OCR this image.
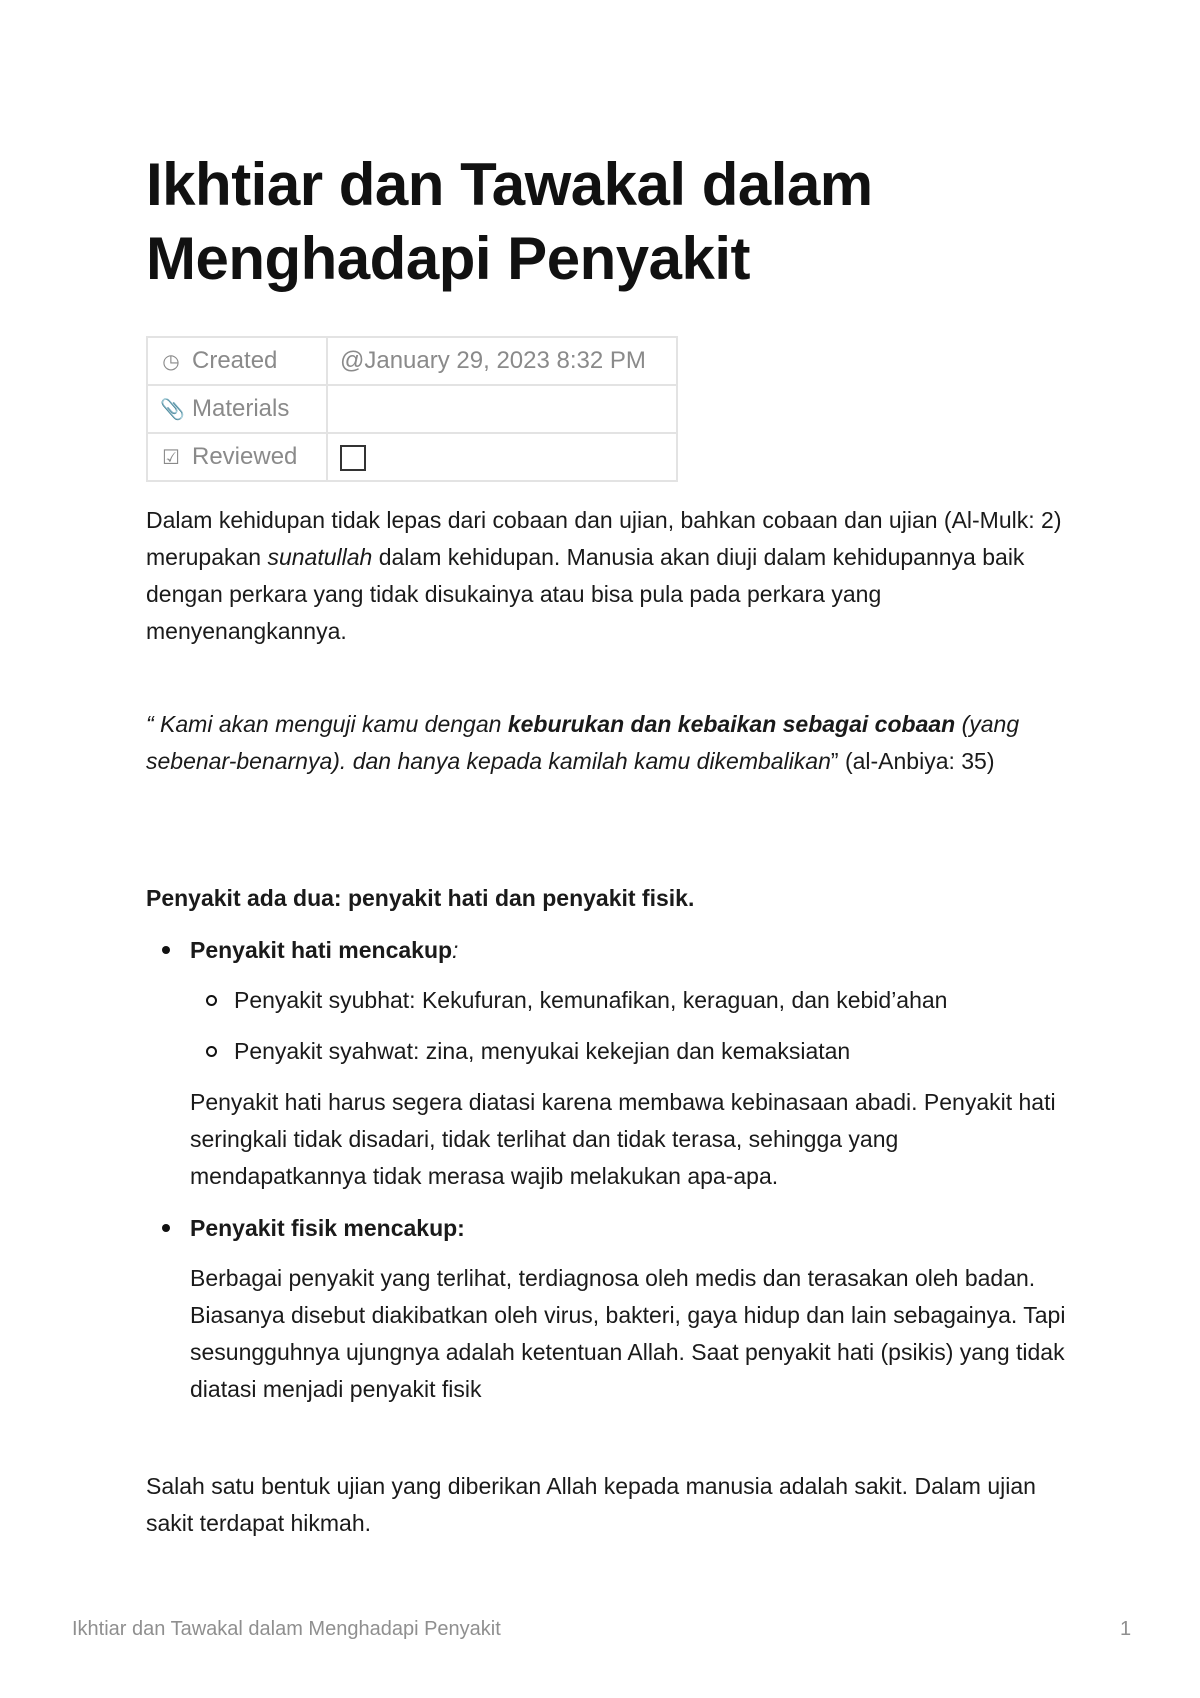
Ikhtiar dan Tawakal dalam Menghadapi Penyakit
◷ Created	@January 29, 2023 8:32 PM
📎 Materials	
☑ Reviewed	

Dalam kehidupan tidak lepas dari cobaan dan ujian, bahkan cobaan dan ujian (Al-Mulk: 2) merupakan sunatullah dalam kehidupan. Manusia akan diuji dalam kehidupannya baik dengan perkara yang tidak disukainya atau bisa pula pada perkara yang menyenangkannya.

“ Kami akan menguji kamu dengan keburukan dan kebaikan sebagai cobaan (yang sebenar-benarnya). dan hanya kepada kamilah kamu dikembalikan” (al-Anbiya: 35)

Penyakit ada dua: penyakit hati dan penyakit fisik.

Penyakit hati mencakup:
Penyakit syubhat: Kekufuran, kemunafikan, keraguan, dan kebid’ahan
Penyakit syahwat: zina, menyukai kekejian dan kemaksiatan
Penyakit hati harus segera diatasi karena membawa kebinasaan abadi. Penyakit hati seringkali tidak disadari, tidak terlihat dan tidak terasa, sehingga yang mendapatkannya tidak merasa wajib melakukan apa-apa.
Penyakit fisik mencakup:
Berbagai penyakit yang terlihat, terdiagnosa oleh medis dan terasakan oleh badan. Biasanya disebut diakibatkan oleh virus, bakteri, gaya hidup dan lain sebagainya. Tapi sesungguhnya ujungnya adalah ketentuan Allah. Saat penyakit hati (psikis) yang tidak diatasi menjadi penyakit fisik

Salah satu bentuk ujian yang diberikan Allah kepada manusia adalah sakit. Dalam ujian sakit terdapat hikmah.

Ikhtiar dan Tawakal dalam Menghadapi Penyakit	1
